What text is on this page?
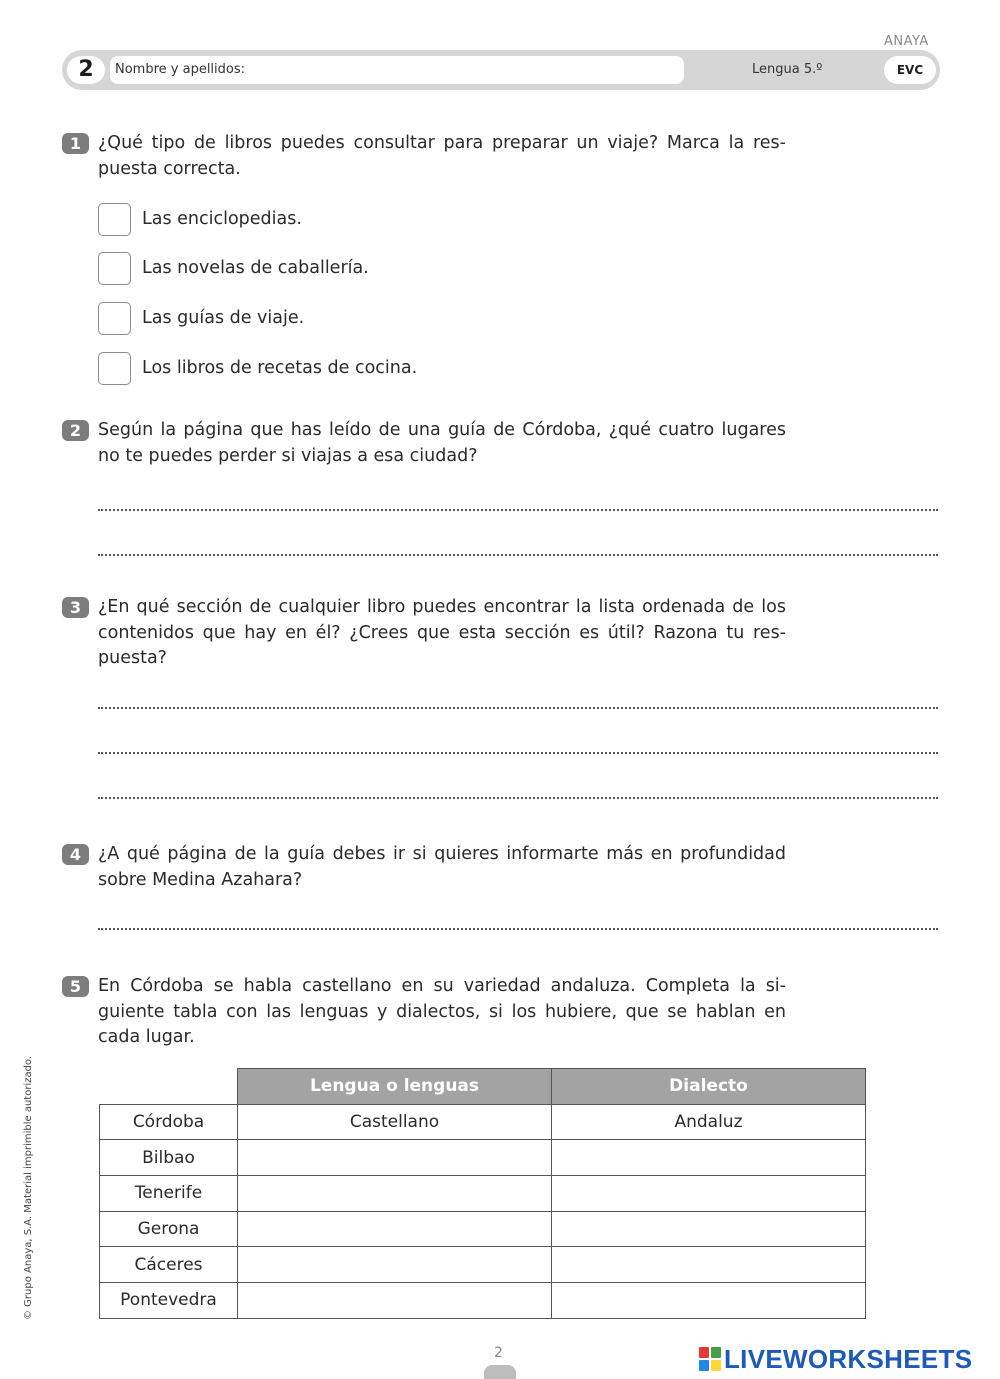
ANAYA
2	Nombre y apellidos:	Lengua 5.º	EVC
1 ¿Qué tipo de libros puedes consultar para preparar un viaje? Marca la res-puesta correcta.
Las enciclopedias.
Las novelas de caballería.
Las guías de viaje.
Los libros de recetas de cocina.
2 Según la página que has leído de una guía de Córdoba, ¿qué cuatro lugares no te puedes perder si viajas a esa ciudad?
3 ¿En qué sección de cualquier libro puedes encontrar la lista ordenada de los contenidos que hay en él? ¿Crees que esta sección es útil? Razona tu res-puesta?
4 ¿A qué página de la guía debes ir si quieres informarte más en profundidad sobre Medina Azahara?
5 En Córdoba se habla castellano en su variedad andaluza. Completa la si-guiente tabla con las lenguas y dialectos, si los hubiere, que se hablan en cada lugar.
	Lengua o lenguas	Dialecto
Córdoba	Castellano	Andaluz
Bilbao		
Tenerife		
Gerona		
Cáceres		
Pontevedra		
© Grupo Anaya, S.A. Material imprimible autorizado.
2	LIVEWORKSHEETS
